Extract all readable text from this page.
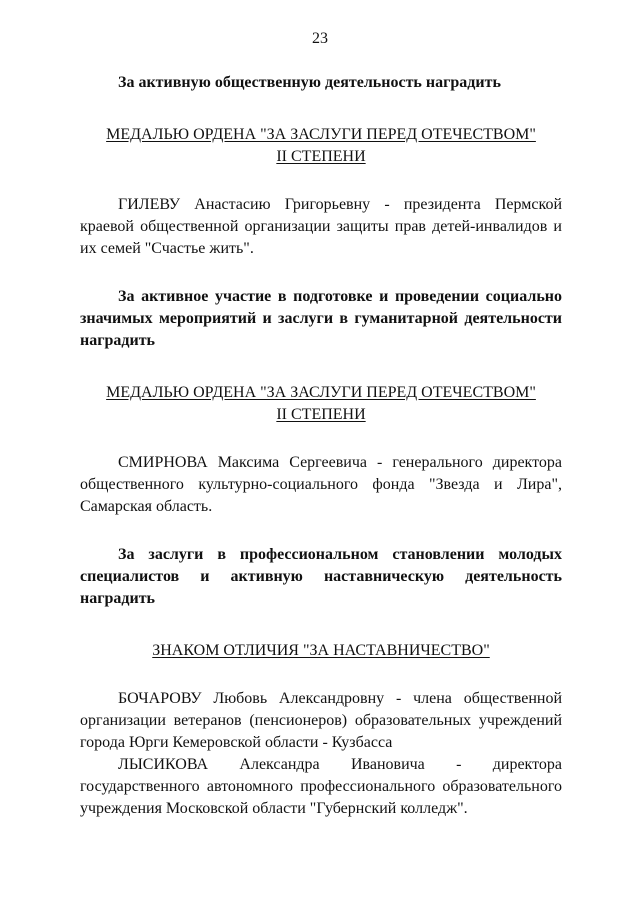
23
За активную общественную деятельность наградить
МЕДАЛЬЮ ОРДЕНА "ЗА ЗАСЛУГИ ПЕРЕД ОТЕЧЕСТВОМ"
II СТЕПЕНИ
ГИЛЕВУ Анастасию Григорьевну - президента Пермской краевой общественной организации защиты прав детей-инвалидов и их семей "Счастье жить".
За активное участие в подготовке и проведении социально значимых мероприятий и заслуги в гуманитарной деятельности наградить
МЕДАЛЬЮ ОРДЕНА "ЗА ЗАСЛУГИ ПЕРЕД ОТЕЧЕСТВОМ"
II СТЕПЕНИ
СМИРНОВА Максима Сергеевича - генерального директора общественного культурно-социального фонда "Звезда и Лира", Самарская область.
За заслуги в профессиональном становлении молодых специалистов и активную наставническую деятельность наградить
ЗНАКОМ ОТЛИЧИЯ "ЗА НАСТАВНИЧЕСТВО"
БОЧАРОВУ Любовь Александровну - члена общественной организации ветеранов (пенсионеров) образовательных учреждений города Юрги Кемеровской области - Кузбасса
ЛЫСИКОВА Александра Ивановича - директора государственного автономного профессионального образовательного учреждения Московской области "Губернский колледж".
